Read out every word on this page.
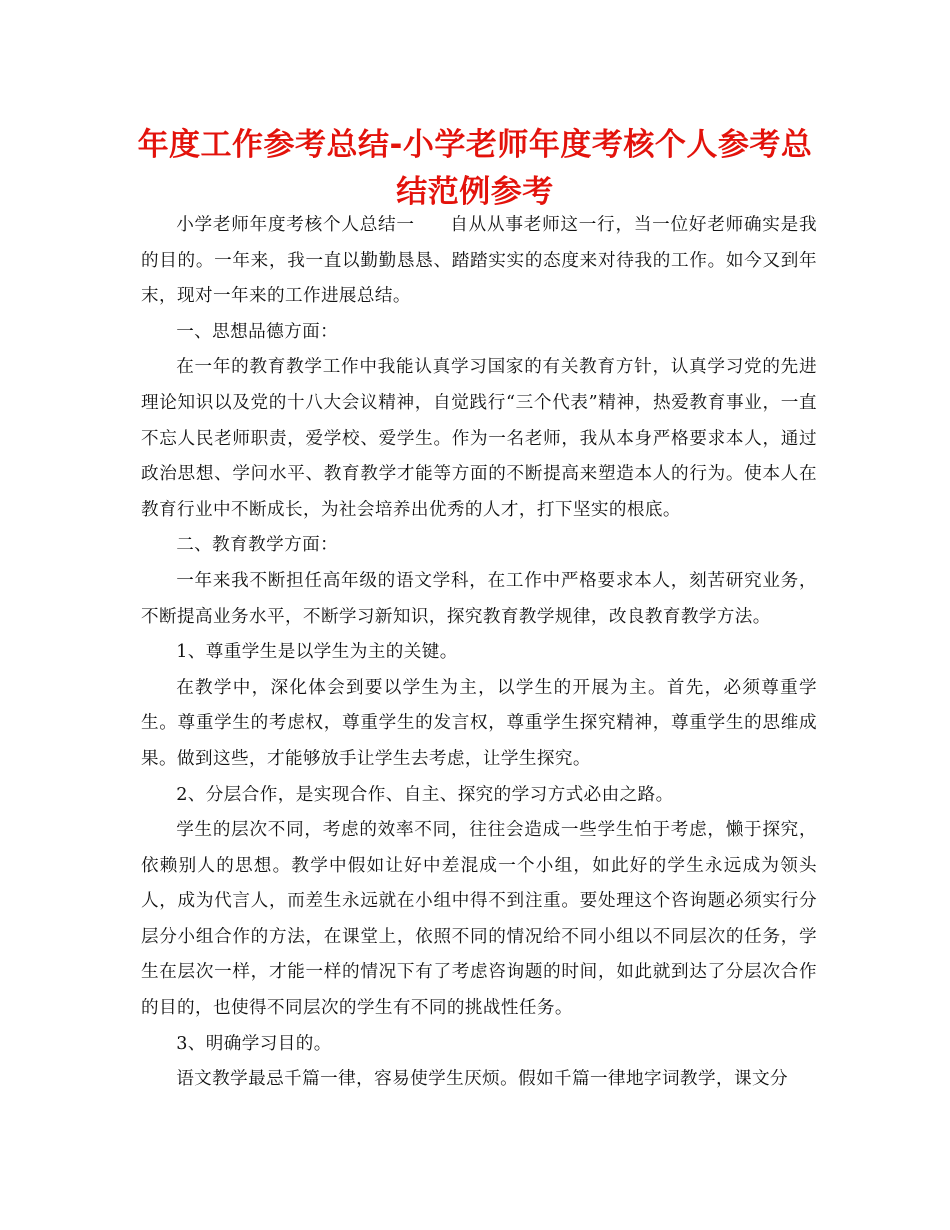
年度工作参考总结-小学老师年度考核个人参考总结范例参考

小学老师年度考核个人总结一 自从从事老师这一行，当一位好老师确实是我的目的。一年来，我一直以勤勤恳恳、踏踏实实的态度来对待我的工作。如今又到年末，现对一年来的工作进展总结。

一、思想品德方面：

在一年的教育教学工作中我能认真学习国家的有关教育方针，认真学习党的先进理论知识以及党的十八大会议精神，自觉践行“三个代表”精神，热爱教育事业，一直不忘人民老师职责，爱学校、爱学生。作为一名老师，我从本身严格要求本人，通过政治思想、学问水平、教育教学才能等方面的不断提高来塑造本人的行为。使本人在教育行业中不断成长，为社会培养出优秀的人才，打下坚实的根底。

二、教育教学方面：

一年来我不断担任高年级的语文学科，在工作中严格要求本人，刻苦研究业务，不断提高业务水平，不断学习新知识，探究教育教学规律，改良教育教学方法。

1、尊重学生是以学生为主的关键。

在教学中，深化体会到要以学生为主，以学生的开展为主。首先，必须尊重学生。尊重学生的考虑权，尊重学生的发言权，尊重学生探究精神，尊重学生的思维成果。做到这些，才能够放手让学生去考虑，让学生探究。

2、分层合作，是实现合作、自主、探究的学习方式必由之路。

学生的层次不同，考虑的效率不同，往往会造成一些学生怕于考虑，懒于探究，依赖别人的思想。教学中假如让好中差混成一个小组，如此好的学生永远成为领头人，成为代言人，而差生永远就在小组中得不到注重。要处理这个咨询题必须实行分层分小组合作的方法，在课堂上，依照不同的情况给不同小组以不同层次的任务，学生在层次一样，才能一样的情况下有了考虑咨询题的时间，如此就到达了分层次合作的目的，也使得不同层次的学生有不同的挑战性任务。

3、明确学习目的。

语文教学最忌千篇一律，容易使学生厌烦。假如千篇一律地字词教学，课文分
